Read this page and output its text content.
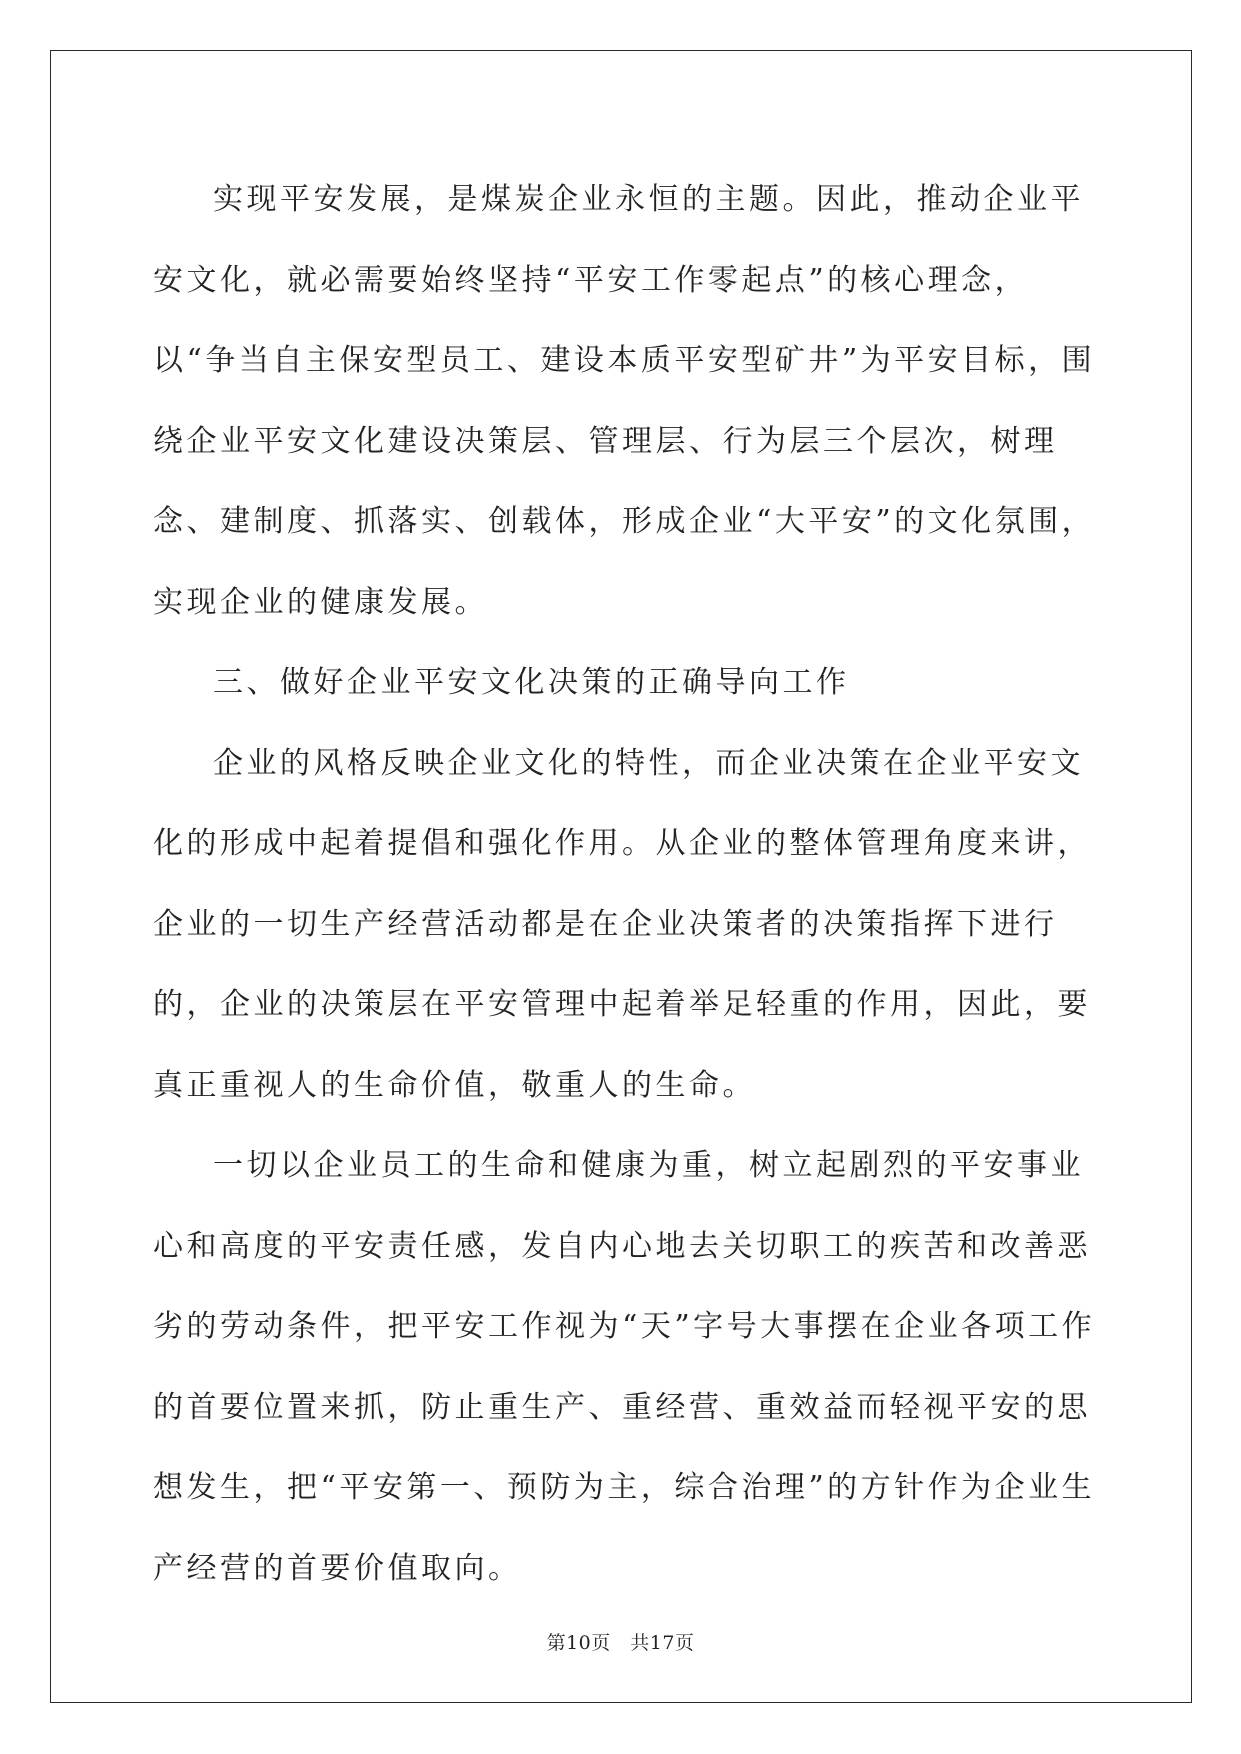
实现平安发展，是煤炭企业永恒的主题。因此，推动企业平安文化，就必需要始终坚持“平安工作零起点”的核心理念，以“争当自主保安型员工、建设本质平安型矿井”为平安目标，围绕企业平安文化建设决策层、管理层、行为层三个层次，树理念、建制度、抓落实、创载体，形成企业“大平安”的文化氛围，实现企业的健康发展。

三、做好企业平安文化决策的正确导向工作

企业的风格反映企业文化的特性，而企业决策在企业平安文化的形成中起着提倡和强化作用。从企业的整体管理角度来讲，企业的一切生产经营活动都是在企业决策者的决策指挥下进行的，企业的决策层在平安管理中起着举足轻重的作用，因此，要真正重视人的生命价值，敬重人的生命。

一切以企业员工的生命和健康为重，树立起剧烈的平安事业心和高度的平安责任感，发自内心地去关切职工的疾苦和改善恶劣的劳动条件，把平安工作视为“天”字号大事摆在企业各项工作的首要位置来抓，防止重生产、重经营、重效益而轻视平安的思想发生，把“平安第一、预防为主，综合治理”的方针作为企业生产经营的首要价值取向。

第10页　共17页
